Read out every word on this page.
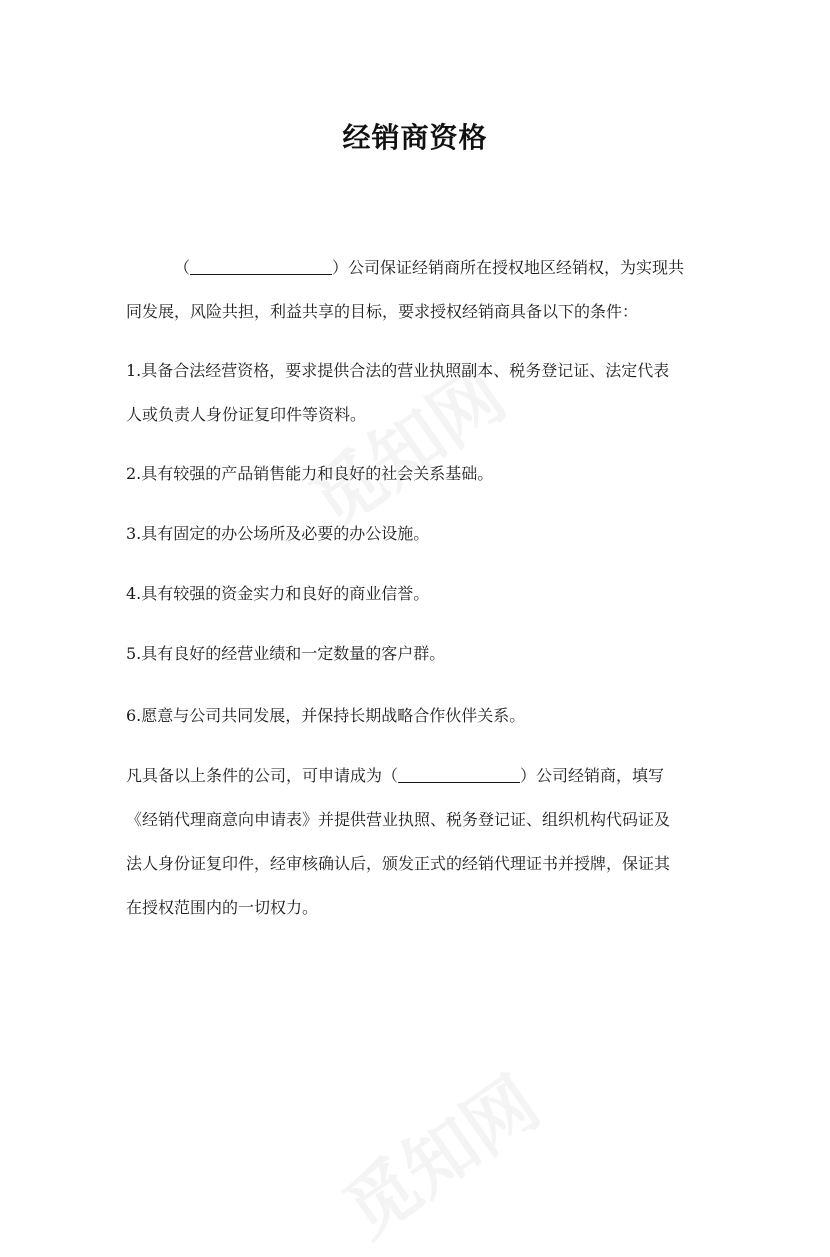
经销商资格
（	）公司保证经销商所在授权地区经销权，为实现共
同发展，风险共担，利益共享的目标，要求授权经销商具备以下的条件：
1.具备合法经营资格，要求提供合法的营业执照副本、税务登记证、法定代表
人或负责人身份证复印件等资料。
2.具有较强的产品销售能力和良好的社会关系基础。
3.具有固定的办公场所及必要的办公设施。
4.具有较强的资金实力和良好的商业信誉。
5.具有良好的经营业绩和一定数量的客户群。
6.愿意与公司共同发展，并保持长期战略合作伙伴关系。
凡具备以上条件的公司，可申请成为（	）公司经销商，填写
《经销代理商意向申请表》并提供营业执照、税务登记证、组织机构代码证及
法人身份证复印件，经审核确认后，颁发正式的经销代理证书并授牌，保证其
在授权范围内的一切权力。
